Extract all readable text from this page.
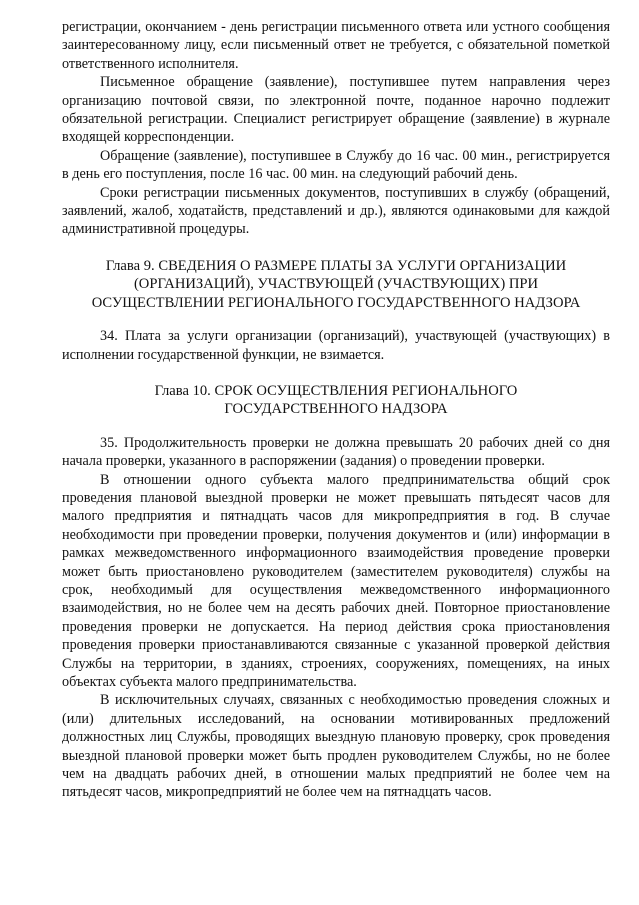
регистрации, окончанием - день регистрации письменного ответа или устного сообщения заинтересованному лицу, если письменный ответ не требуется, с обязательной пометкой ответственного исполнителя.

Письменное обращение (заявление), поступившее путем направления через организацию почтовой связи, по электронной почте, поданное нарочно подлежит обязательной регистрации. Специалист регистрирует обращение (заявление) в журнале входящей корреспонденции.

Обращение (заявление), поступившее в Службу до 16 час. 00 мин., регистрируется в день его поступления, после 16 час. 00 мин. на следующий рабочий день.

Сроки регистрации письменных документов, поступивших в службу (обращений, заявлений, жалоб, ходатайств, представлений и др.), являются одинаковыми для каждой административной процедуры.

Глава 9. СВЕДЕНИЯ О РАЗМЕРЕ ПЛАТЫ ЗА УСЛУГИ ОРГАНИЗАЦИИ
(ОРГАНИЗАЦИЙ), УЧАСТВУЮЩЕЙ (УЧАСТВУЮЩИХ) ПРИ
ОСУЩЕСТВЛЕНИИ РЕГИОНАЛЬНОГО ГОСУДАРСТВЕННОГО НАДЗОРА

34. Плата за услуги организации (организаций), участвующей (участвующих) в исполнении государственной функции, не взимается.

Глава 10. СРОК ОСУЩЕСТВЛЕНИЯ РЕГИОНАЛЬНОГО
ГОСУДАРСТВЕННОГО НАДЗОРА

35. Продолжительность проверки не должна превышать 20 рабочих дней со дня начала проверки, указанного в распоряжении (задания) о проведении проверки.

В отношении одного субъекта малого предпринимательства общий срок проведения плановой выездной проверки не может превышать пятьдесят часов для малого предприятия и пятнадцать часов для микропредприятия в год. В случае необходимости при проведении проверки, получения документов и (или) информации в рамках межведомственного информационного взаимодействия проведение проверки может быть приостановлено руководителем (заместителем руководителя) службы на срок, необходимый для осуществления межведомственного информационного взаимодействия, но не более чем на десять рабочих дней. Повторное приостановление проведения проверки не допускается. На период действия срока приостановления проведения проверки приостанавливаются связанные с указанной проверкой действия Службы на территории, в зданиях, строениях, сооружениях, помещениях, на иных объектах субъекта малого предпринимательства.

В исключительных случаях, связанных с необходимостью проведения сложных и (или) длительных исследований, на основании мотивированных предложений должностных лиц Службы, проводящих выездную плановую проверку, срок проведения выездной плановой проверки может быть продлен руководителем Службы, но не более чем на двадцать рабочих дней, в отношении малых предприятий не более чем на пятьдесят часов, микропредприятий не более чем на пятнадцать часов.
